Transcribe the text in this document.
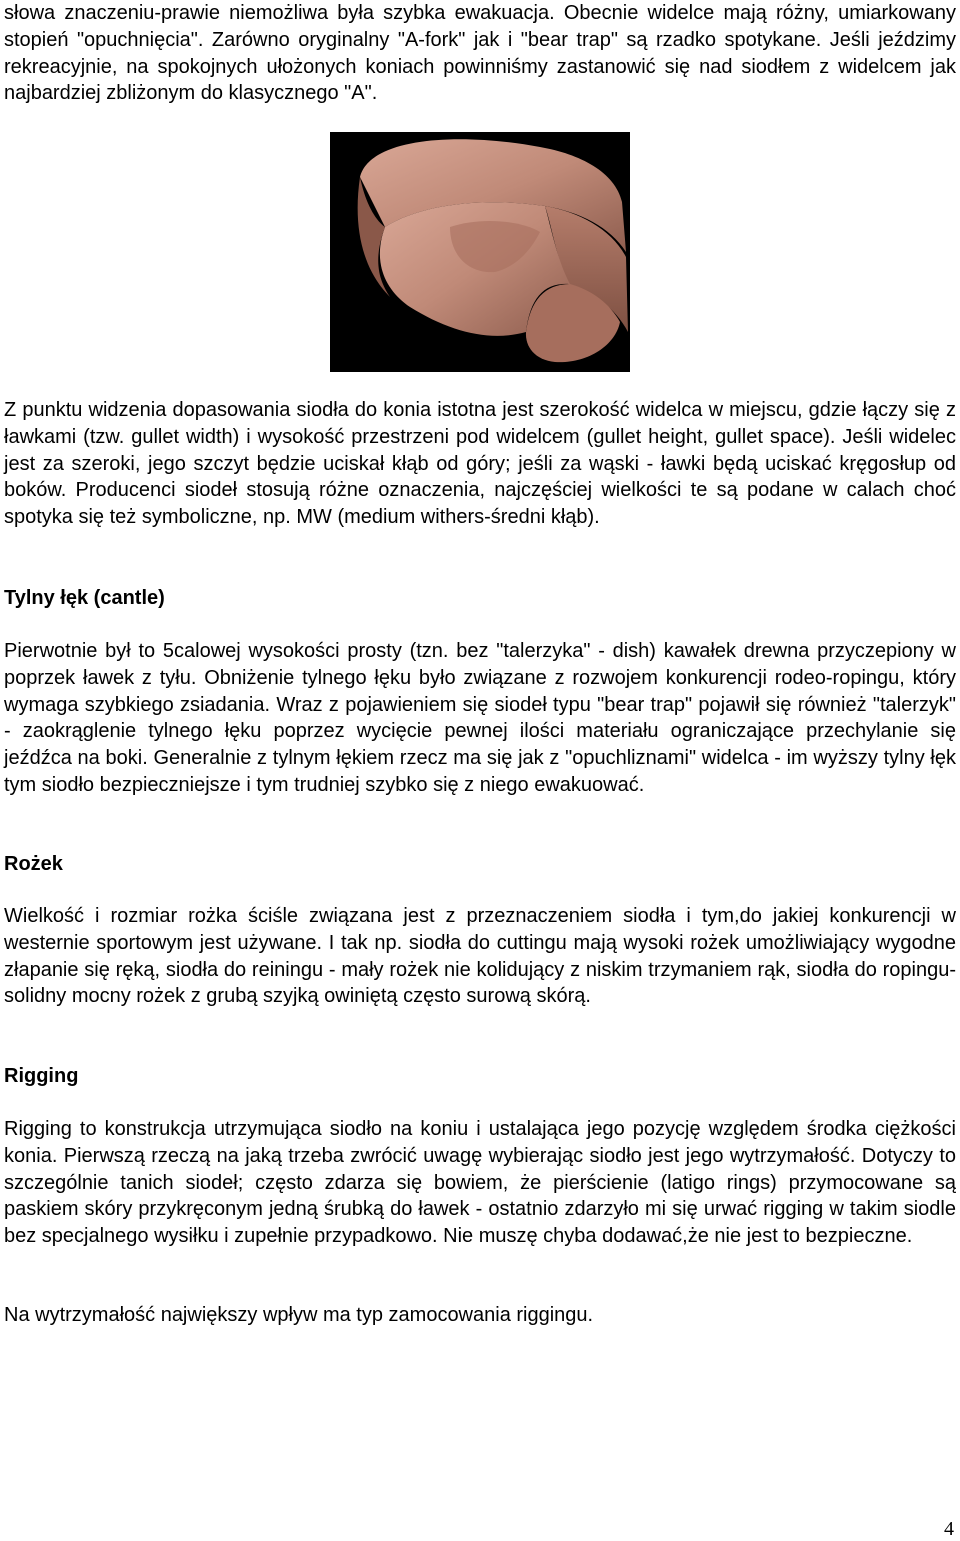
słowa znaczeniu-prawie niemożliwa była szybka ewakuacja. Obecnie widelce mają różny, umiarkowany stopień "opuchnięcia". Zarówno oryginalny "A-fork" jak i "bear trap" są rzadko spotykane. Jeśli jeździmy rekreacyjnie, na spokojnych ułożonych koniach powinniśmy zastanowić się nad siodłem z widelcem jak najbardziej zbliżonym do klasycznego "A".

Z punktu widzenia dopasowania siodła do konia istotna jest szerokość widelca w miejscu, gdzie łączy się z ławkami (tzw. gullet width) i wysokość przestrzeni pod widelcem (gullet height, gullet space). Jeśli widelec jest za szeroki, jego szczyt będzie uciskał kłąb od góry; jeśli za wąski - ławki będą uciskać kręgosłup od boków. Producenci siodeł stosują różne oznaczenia, najczęściej wielkości te są podane w calach choć spotyka się też symboliczne, np. MW (medium withers-średni kłąb).

Tylny łęk (cantle)

Pierwotnie był to 5calowej wysokości prosty (tzn. bez "talerzyka" - dish) kawałek drewna przyczepiony w poprzek ławek z tyłu. Obniżenie tylnego łęku było związane z rozwojem konkurencji rodeo-ropingu, który wymaga szybkiego zsiadania. Wraz z pojawieniem się siodeł typu "bear trap" pojawił się również "talerzyk" - zaokrąglenie tylnego łęku poprzez wycięcie pewnej ilości materiału ograniczające przechylanie się jeźdźca na boki. Generalnie z tylnym łękiem rzecz ma się jak z "opuchliznami" widelca - im wyższy tylny łęk tym siodło bezpieczniejsze i tym trudniej szybko się z niego ewakuować.

Rożek

Wielkość i rozmiar rożka ściśle związana jest z przeznaczeniem siodła i tym,do jakiej konkurencji w westernie sportowym jest używane. I tak np. siodła do cuttingu mają wysoki rożek umożliwiający wygodne złapanie się ręką, siodła do reiningu - mały rożek nie kolidujący z niskim trzymaniem rąk, siodła do ropingu-solidny mocny rożek z grubą szyjką owiniętą często surową skórą.

Rigging

Rigging to konstrukcja utrzymująca siodło na koniu i ustalająca jego pozycję względem środka ciężkości konia. Pierwszą rzeczą na jaką trzeba zwrócić uwagę wybierając siodło jest jego wytrzymałość. Dotyczy to szczególnie tanich siodeł; często zdarza się bowiem, że pierścienie (latigo rings) przymocowane są paskiem skóry przykręconym jedną śrubką do ławek - ostatnio zdarzyło mi się urwać rigging w takim siodle bez specjalnego wysiłku i zupełnie przypadkowo. Nie muszę chyba dodawać,że nie jest to bezpieczne.

Na wytrzymałość największy wpływ ma typ zamocowania riggingu.

4
